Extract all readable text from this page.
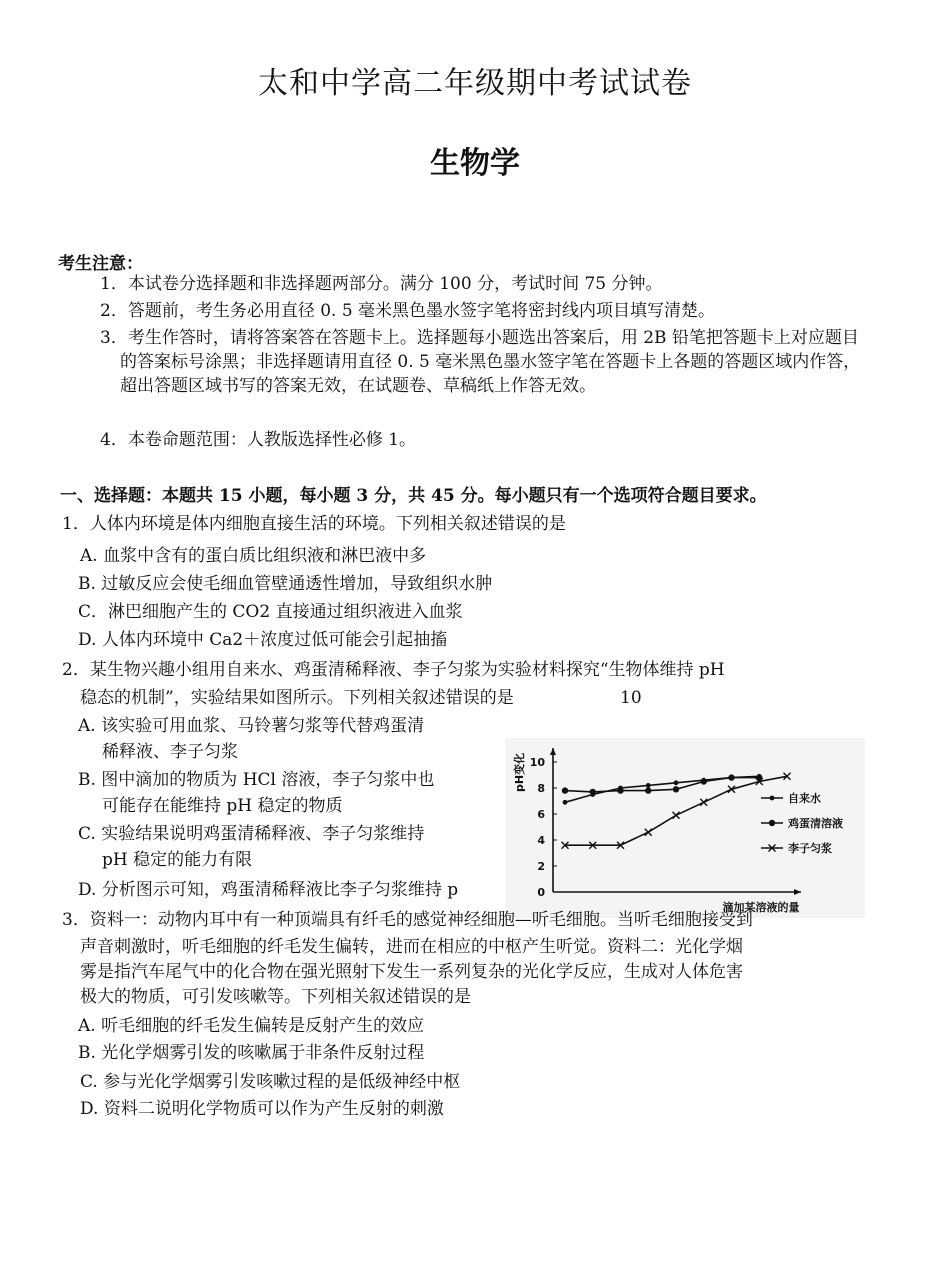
太和中学高二年级期中考试试卷
生物学
考生注意：
1．本试卷分选择题和非选择题两部分。满分 100 分，考试时间 75 分钟。
2．答题前，考生务必用直径 0. 5 毫米黑色墨水签字笔将密封线内项目填写清楚。
3．考生作答时，请将答案答在答题卡上。选择题每小题选出答案后，用 2B 铅笔把答题卡上对应题目的答案标号涂黑；非选择题请用直径 0. 5 毫米黑色墨水签字笔在答题卡上各题的答题区域内作答，超出答题区域书写的答案无效，在试题卷、草稿纸上作答无效。
4．本卷命题范围：人教版选择性必修 1。
一、选择题：本题共 15 小题，每小题 3 分，共 45 分。每小题只有一个选项符合题目要求。
1．人体内环境是体内细胞直接生活的环境。下列相关叙述错误的是
A. 血浆中含有的蛋白质比组织液和淋巴液中多
B. 过敏反应会使毛细血管壁通透性增加，导致组织水肿
C．淋巴细胞产生的 CO2 直接通过组织液进入血浆
D. 人体内环境中 Ca2＋浓度过低可能会引起抽搐
2．某生物兴趣小组用自来水、鸡蛋清稀释液、李子匀浆为实验材料探究“生物体维持 pH
稳态的机制”，实验结果如图所示。下列相关叙述错误的是	10
A. 该实验可用血浆、马铃薯匀浆等代替鸡蛋清
稀释液、李子匀浆
B. 图中滴加的物质为 HCl 溶液，李子匀浆中也
可能存在能维持 pH 稳定的物质
C. 实验结果说明鸡蛋清稀释液、李子匀浆维持
pH 稳定的能力有限
D. 分析图示可知，鸡蛋清稀释液比李子匀浆维持 p	0
2
4
6
8
10
pH变化
滴加某溶液的量
自来水
鸡蛋清溶液
李子匀浆
3．资料一：动物内耳中有一种顶端具有纤毛的感觉神经细胞—听毛细胞。当听毛细胞接受到
声音刺激时，听毛细胞的纤毛发生偏转，进而在相应的中枢产生听觉。资料二：光化学烟
雾是指汽车尾气中的化合物在强光照射下发生一系列复杂的光化学反应，生成对人体危害
极大的物质，可引发咳嗽等。下列相关叙述错误的是
A. 听毛细胞的纤毛发生偏转是反射产生的效应
B. 光化学烟雾引发的咳嗽属于非条件反射过程
C. 参与光化学烟雾引发咳嗽过程的是低级神经中枢
D. 资料二说明化学物质可以作为产生反射的刺激
